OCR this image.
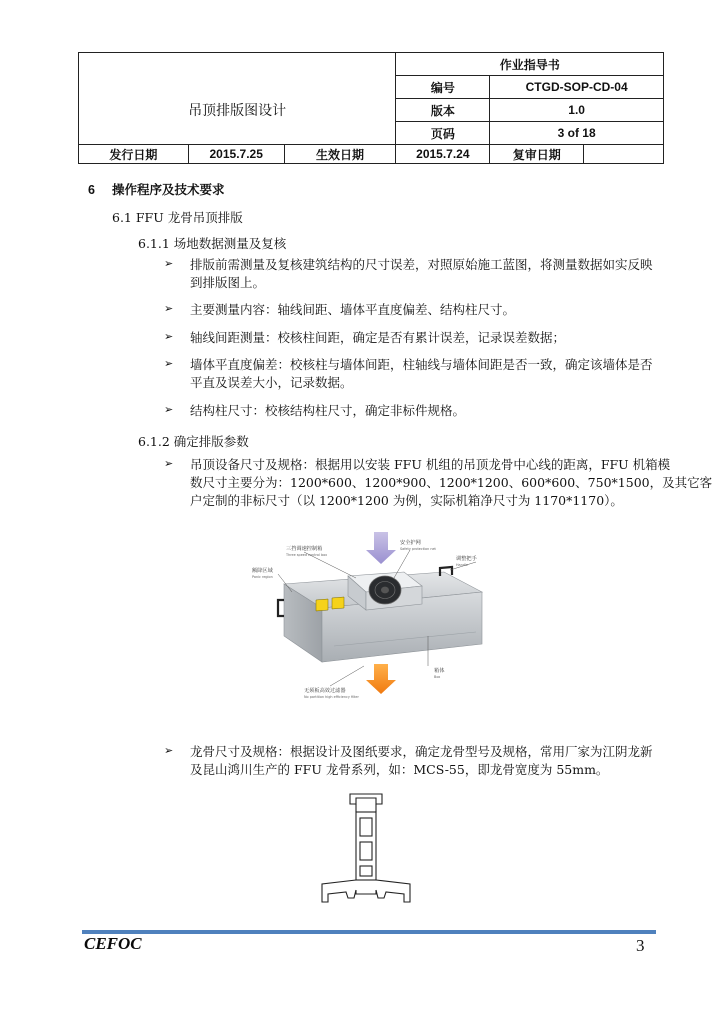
吊顶排版图设计			作业指导书		
			编号	CTGD-SOP-CD-04	
			版本	1.0	
			页码	3 of 18	
发行日期	2015.7.25	生效日期	2015.7.24	复审日期	
6 操作程序及技术要求
6.1 FFU 龙骨吊顶排版
6.1.1 场地数据测量及复核
➢ 排版前需测量及复核建筑结构的尺寸误差，对照原始施工蓝图，将测量数据如实反映
到排版图上。
➢ 主要测量内容：轴线间距、墙体平直度偏差、结构柱尺寸。
➢ 轴线间距测量：校核柱间距，确定是否有累计误差，记录误差数据；
➢ 墙体平直度偏差：校核柱与墙体间距，柱轴线与墙体间距是否一致，确定该墙体是否
平直及误差大小，记录数据。
➢ 结构柱尺寸：校核结构柱尺寸，确定非标件规格。
6.1.2 确定排版参数
➢ 吊顶设备尺寸及规格：根据用以安装 FFU 机组的吊顶龙骨中心线的距离，FFU 机箱模
数尺寸主要分为：1200*600、1200*900、1200*1200、600*600、750*1500，及其它客
户定制的非标尺寸（以 1200*1200 为例，实际机箱净尺寸为 1170*1170）。
➢ 龙骨尺寸及规格：根据设计及图纸要求，确定龙骨型号及规格，常用厂家为江阴龙新
及昆山鸿川生产的 FFU 龙骨系列，如：MCS-55，即龙骨宽度为 55mm。
三挡调速控制箱
Three speed control box
安全护网
Safety protection net
调整把手
Handle
额降区域
Panic region
箱体
Box
无须板高效过滤器
No partition high efficiency filter
CEFOC	3
